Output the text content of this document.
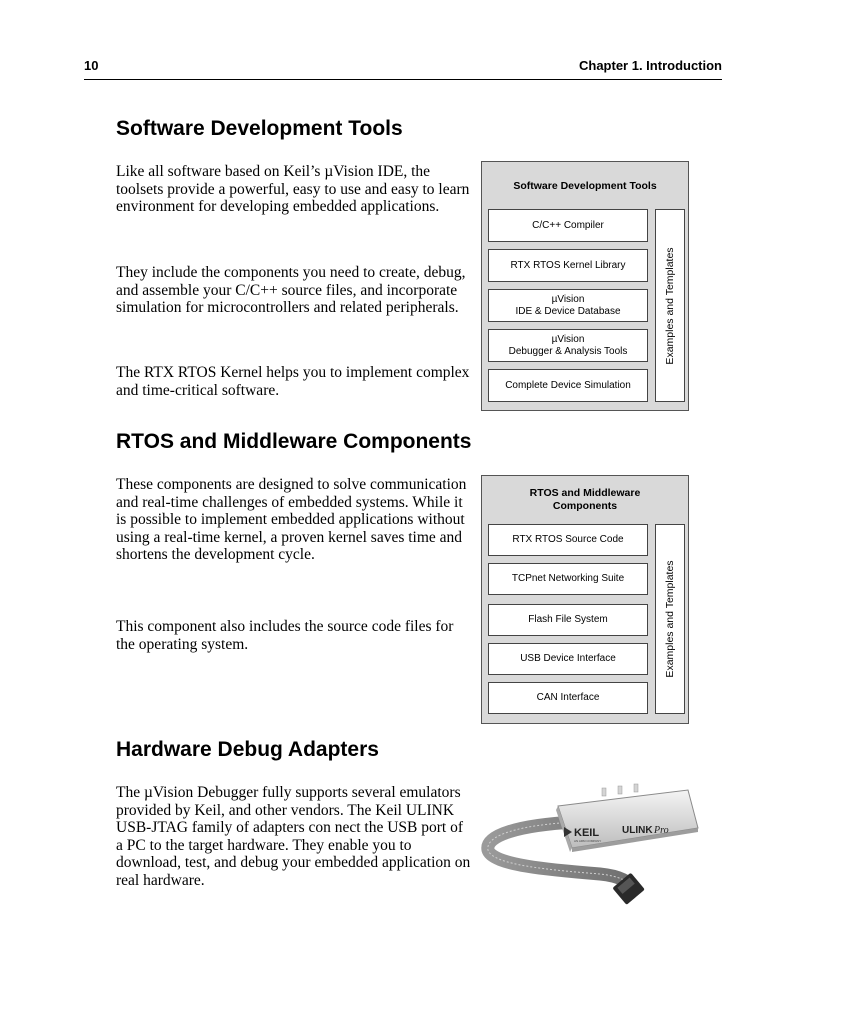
10	Chapter 1. Introduction
Software Development Tools
Like all software based on Keil’s µVision IDE, the toolsets provide a powerful, easy to use and easy to learn environment for developing embedded applications.
They include the components you need to create, debug, and assemble your C/C++ source files, and incorporate simulation for microcontrollers and related peripherals.
The RTX RTOS Kernel helps you to implement complex and time-critical software.
Software Development Tools
C/C++ Compiler
RTX RTOS Kernel Library
µVision
IDE & Device Database
µVision
Debugger & Analysis Tools
Complete Device Simulation
Examples and Templates
RTOS and Middleware Components
These components are designed to solve communication and real-time challenges of embedded systems. While it is possible to implement embedded applications without using a real-time kernel, a proven kernel saves time and shortens the development cycle.
This component also includes the source code files for the operating system.
RTOS and Middleware
Components
RTX RTOS Source Code
TCPnet Networking Suite
Flash File System
USB Device Interface
CAN Interface
Examples and Templates
Hardware Debug Adapters
The µVision Debugger fully supports several emulators provided by Keil, and other vendors. The Keil ULINK USB-JTAG family of adapters con nect the USB port of a PC to the target hardware. They enable you to download, test, and debug your embedded application on real hardware.
KEIL
AN ARM COMPANY
ULINK Pro
